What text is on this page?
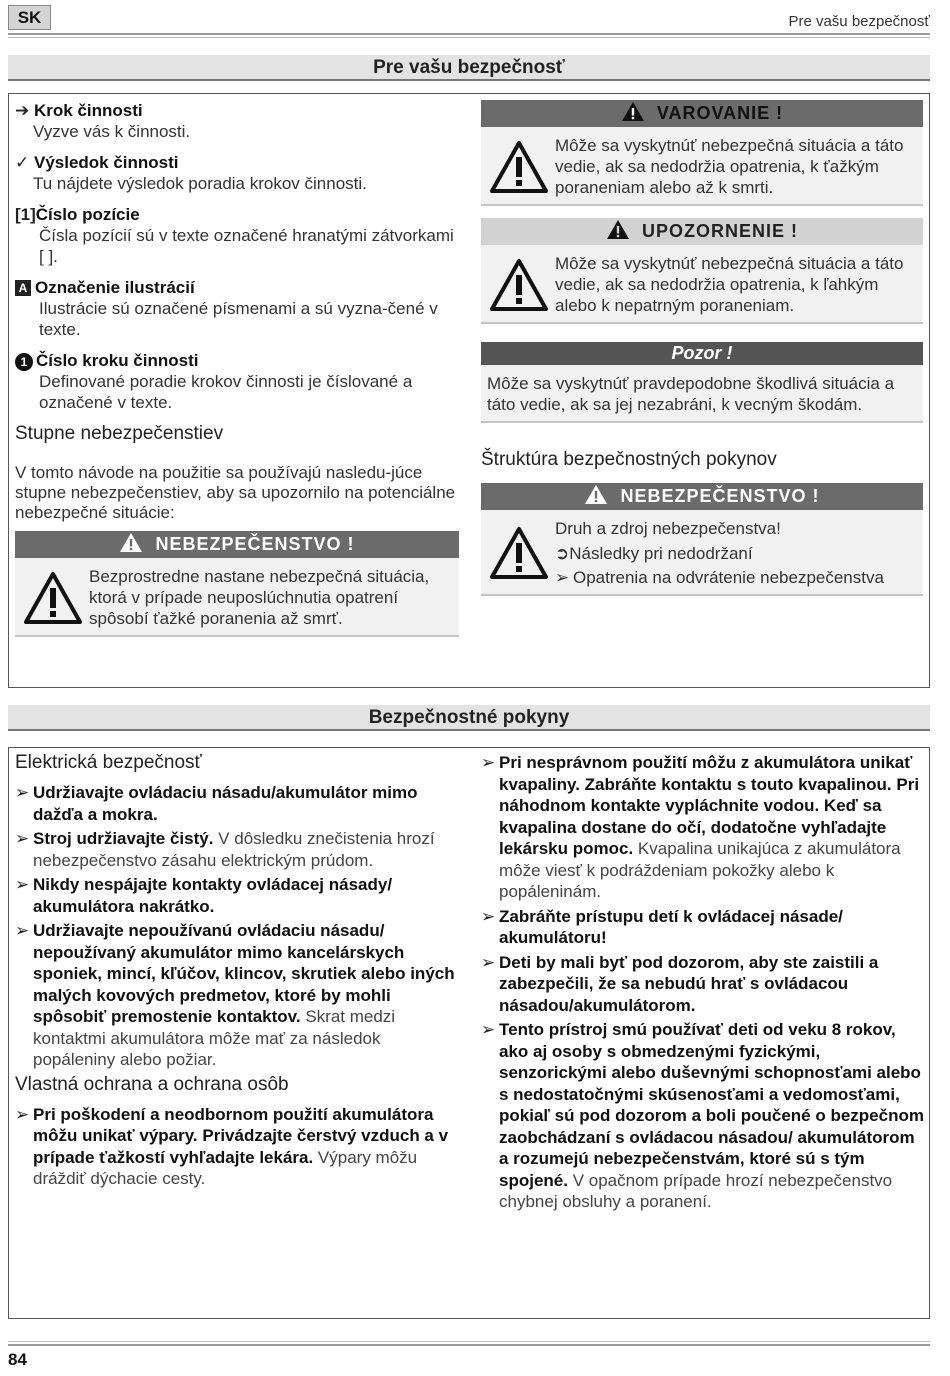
SK	Pre vašu bezpečnosť
Pre vašu bezpečnosť
➔ Krok činnosti
Vyzve vás k činnosti.
✓ Výsledok činnosti
Tu nájdete výsledok poradia krokov činnosti.
[1]Číslo pozície
Čísla pozícií sú v texte označené hranatými zátvorkami [ ].
A Označenie ilustrácií
Ilustrácie sú označené písmenami a sú vyzna-čené v texte.
1 Číslo kroku činnosti
Definované poradie krokov činnosti je číslované a označené v texte.
Stupne nebezpečenstiev
V tomto návode na použitie sa používajú nasledu-júce stupne nebezpečenstiev, aby sa upozornilo na potenciálne nebezpečné situácie:
NEBEZPEČENSTVO !
Bezprostredne nastane nebezpečná situácia, ktorá v prípade neuposlúchnutia opatrení spôsobí ťažké poranenia až smrť.
VAROVANIE !
Môže sa vyskytnúť nebezpečná situácia a táto vedie, ak sa nedodržia opatrenia, k ťažkým poraneniam alebo až k smrti.
UPOZORNENIE !
Môže sa vyskytnúť nebezpečná situácia a táto vedie, ak sa nedodržia opatrenia, k ľahkým alebo k nepatrným poraneniam.
Pozor !
Môže sa vyskytnúť pravdepodobne škodlivá situácia a táto vedie, ak sa jej nezabráni, k vecným škodám.
Štruktúra bezpečnostných pokynov
NEBEZPEČENSTVO !
Druh a zdroj nebezpečenstva!
➲Následky pri nedodržaní
➢ Opatrenia na odvrátenie nebezpečenstva
Bezpečnostné pokyny
Elektrická bezpečnosť
➢ Udržiavajte ovládaciu násadu/akumulátor mimo dažďa a mokra.
➢ Stroj udržiavajte čistý. V dôsledku znečistenia hrozí nebezpečenstvo zásahu elektrickým prúdom.
➢ Nikdy nespájajte kontakty ovládacej násady/ akumulátora nakrátko.
➢ Udržiavajte nepoužívanú ovládaciu násadu/ nepoužívaný akumulátor mimo kancelárskych sponiek, mincí, kľúčov, klincov, skrutiek alebo iných malých kovových predmetov, ktoré by mohli spôsobiť premostenie kontaktov. Skrat medzi kontaktmi akumulátora môže mať za následok popáleniny alebo požiar.
Vlastná ochrana a ochrana osôb
➢ Pri poškodení a neodbornom použití akumulátora môžu unikať výpary. Privádzajte čerstvý vzduch a v prípade ťažkostí vyhľadajte lekára. Výpary môžu dráždiť dýchacie cesty.
➢ Pri nesprávnom použití môžu z akumulátora unikať kvapaliny. Zabráňte kontaktu s touto kvapalinou. Pri náhodnom kontakte vypláchnite vodou. Keď sa kvapalina dostane do očí, dodatočne vyhľadajte lekársku pomoc. Kvapalina unikajúca z akumulátora môže viesť k podráždeniam pokožky alebo k popáleninám.
➢ Zabráňte prístupu detí k ovládacej násade/ akumulátoru!
➢ Deti by mali byť pod dozorom, aby ste zaistili a zabezpečili, že sa nebudú hrať s ovládacou násadou/akumulátorom.
➢ Tento prístroj smú používať deti od veku 8 rokov, ako aj osoby s obmedzenými fyzickými, senzorickými alebo duševnými schopnosťami alebo s nedostatočnými skúsenosťami a vedomosťami, pokiaľ sú pod dozorom a boli poučené o bezpečnom zaobchádzaní s ovládacou násadou/ akumulátorom a rozumejú nebezpečenstvám, ktoré sú s tým spojené. V opačnom prípade hrozí nebezpečenstvo chybnej obsluhy a poranení.
84
